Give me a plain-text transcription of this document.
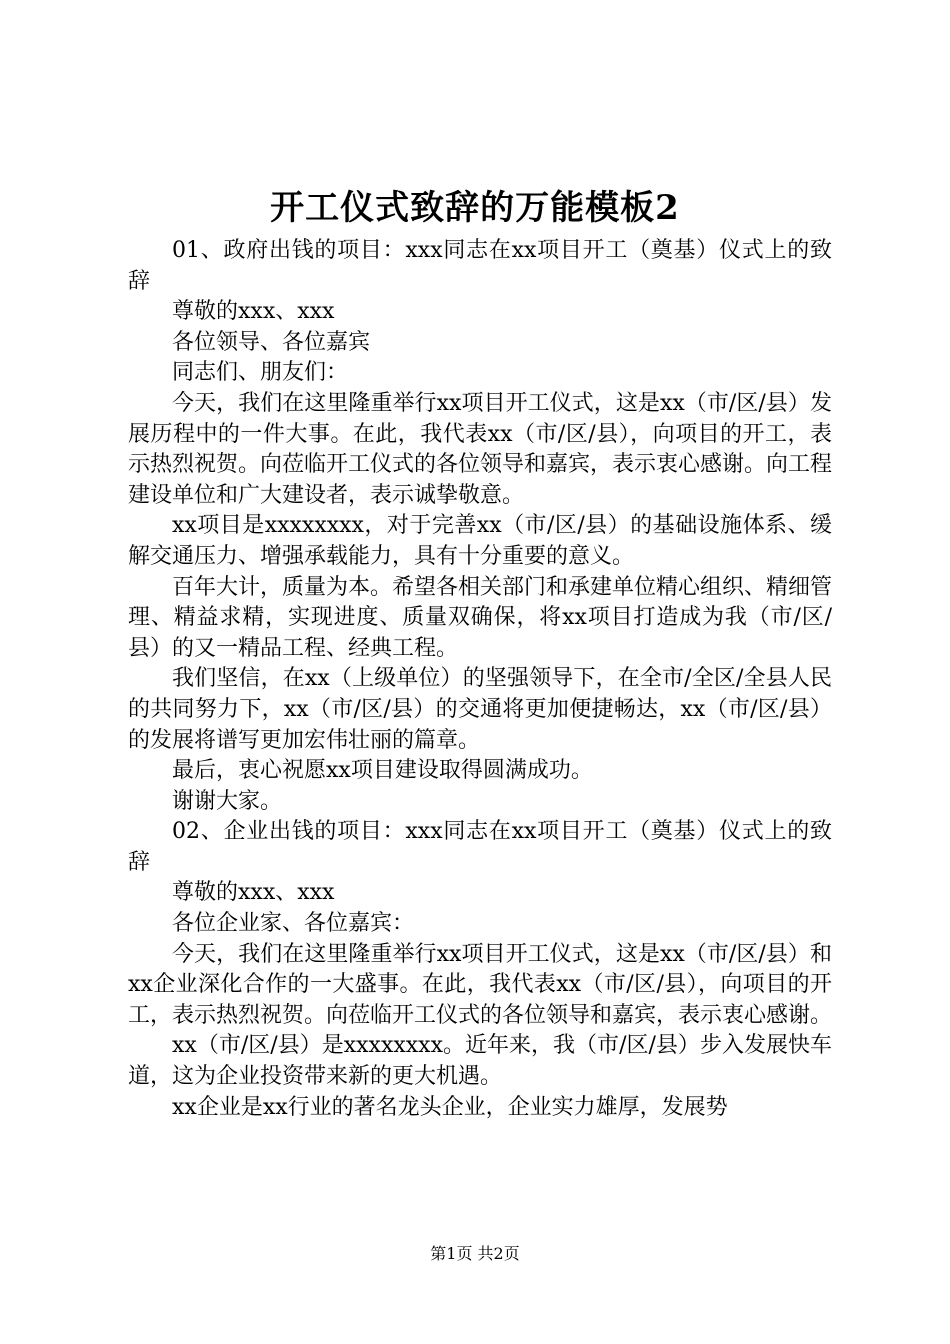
开工仪式致辞的万能模板2

01、政府出钱的项目：xxx同志在xx项目开工（奠基）仪式上的致辞

尊敬的xxx、xxx

各位领导、各位嘉宾

同志们、朋友们：

今天，我们在这里隆重举行xx项目开工仪式，这是xx（市/区/县）发展历程中的一件大事。在此，我代表xx（市/区/县），向项目的开工，表示热烈祝贺。向莅临开工仪式的各位领导和嘉宾，表示衷心感谢。向工程建设单位和广大建设者，表示诚挚敬意。

xx项目是xxxxxxxx，对于完善xx（市/区/县）的基础设施体系、缓解交通压力、增强承载能力，具有十分重要的意义。

百年大计，质量为本。希望各相关部门和承建单位精心组织、精细管理、精益求精，实现进度、质量双确保，将xx项目打造成为我（市/区/县）的又一精品工程、经典工程。

我们坚信，在xx（上级单位）的坚强领导下，在全市/全区/全县人民的共同努力下，xx（市/区/县）的交通将更加便捷畅达，xx（市/区/县）的发展将谱写更加宏伟壮丽的篇章。

最后，衷心祝愿xx项目建设取得圆满成功。

谢谢大家。

02、企业出钱的项目：xxx同志在xx项目开工（奠基）仪式上的致辞

尊敬的xxx、xxx

各位企业家、各位嘉宾：

今天，我们在这里隆重举行xx项目开工仪式，这是xx（市/区/县）和xx企业深化合作的一大盛事。在此，我代表xx（市/区/县），向项目的开工，表示热烈祝贺。向莅临开工仪式的各位领导和嘉宾，表示衷心感谢。

xx（市/区/县）是xxxxxxxx。近年来，我（市/区/县）步入发展快车道，这为企业投资带来新的更大机遇。

xx企业是xx行业的著名龙头企业，企业实力雄厚，发展势

第1页 共2页
